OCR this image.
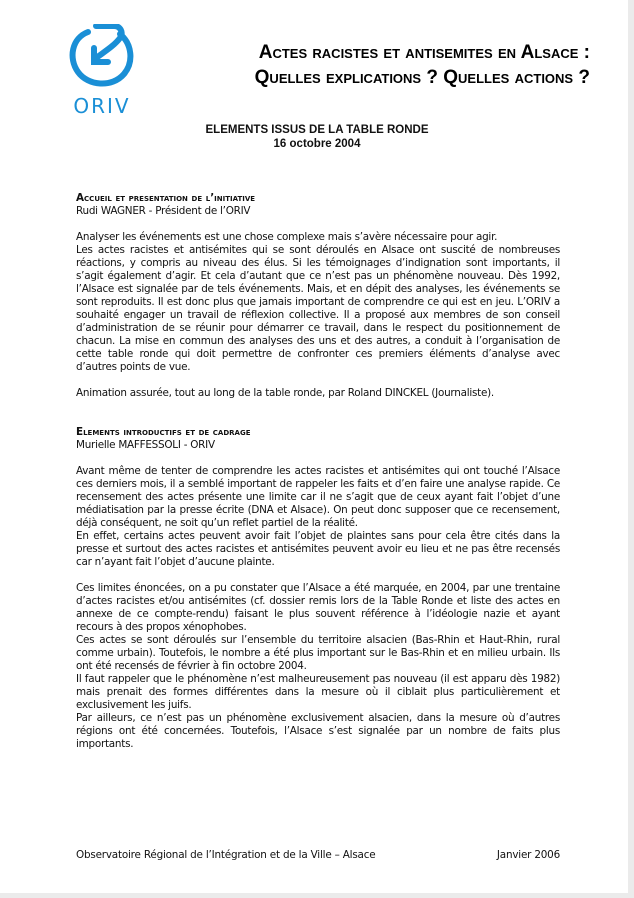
ORIV
Actes racistes et antisemites en Alsace :
Quelles explications ? Quelles actions ?
ELEMENTS ISSUS DE LA TABLE RONDE
16 octobre 2004
Accueil et presentation de l’initiative
Rudi WAGNER - Président de l’ORIV

Analyser les événements est une chose complexe mais s’avère nécessaire pour agir.

Les actes racistes et antisémites qui se sont déroulés en Alsace ont suscité de nombreuses réactions, y compris au niveau des élus. Si les témoignages d’indignation sont importants, il s’agit également d’agir. Et cela d’autant que ce n’est pas un phénomène nouveau. Dès 1992, l’Alsace est signalée par de tels événements. Mais, et en dépit des analyses, les événements se sont reproduits. Il est donc plus que jamais important de comprendre ce qui est en jeu. L’ORIV a souhaité engager un travail de réflexion collective. Il a proposé aux membres de son conseil d’administration de se réunir pour démarrer ce travail, dans le respect du positionnement de chacun. La mise en commun des analyses des uns et des autres, a conduit à l’organisation de cette table ronde qui doit permettre de confronter ces premiers éléments d’analyse avec d’autres points de vue.

Animation assurée, tout au long de la table ronde, par Roland DINCKEL (Journaliste).

Elements introductifs et de cadrage
Murielle MAFFESSOLI - ORIV

Avant même de tenter de comprendre les actes racistes et antisémites qui ont touché l’Alsace ces derniers mois, il a semblé important de rappeler les faits et d’en faire une analyse rapide. Ce recensement des actes présente une limite car il ne s’agit que de ceux ayant fait l’objet d’une médiatisation par la presse écrite (DNA et Alsace). On peut donc supposer que ce recensement, déjà conséquent, ne soit qu’un reflet partiel de la réalité.

En effet, certains actes peuvent avoir fait l’objet de plaintes sans pour cela être cités dans la presse et surtout des actes racistes et antisémites peuvent avoir eu lieu et ne pas être recensés car n’ayant fait l’objet d’aucune plainte.

Ces limites énoncées, on a pu constater que l’Alsace a été marquée, en 2004, par une trentaine d’actes racistes et/ou antisémites (cf. dossier remis lors de la Table Ronde et liste des actes en annexe de ce compte-rendu) faisant le plus souvent référence à l’idéologie nazie et ayant recours à des propos xénophobes.

Ces actes se sont déroulés sur l’ensemble du territoire alsacien (Bas-Rhin et Haut-Rhin, rural comme urbain). Toutefois, le nombre a été plus important sur le Bas-Rhin et en milieu urbain. Ils ont été recensés de février à fin octobre 2004.

Il faut rappeler que le phénomène n’est malheureusement pas nouveau (il est apparu dès 1982) mais prenait des formes différentes dans la mesure où il ciblait plus particulièrement et exclusivement les juifs.

Par ailleurs, ce n’est pas un phénomène exclusivement alsacien, dans la mesure où d’autres régions ont été concernées. Toutefois, l’Alsace s’est signalée par un nombre de faits plus importants.

Observatoire Régional de l’Intégration et de la Ville – Alsace	Janvier 2006
